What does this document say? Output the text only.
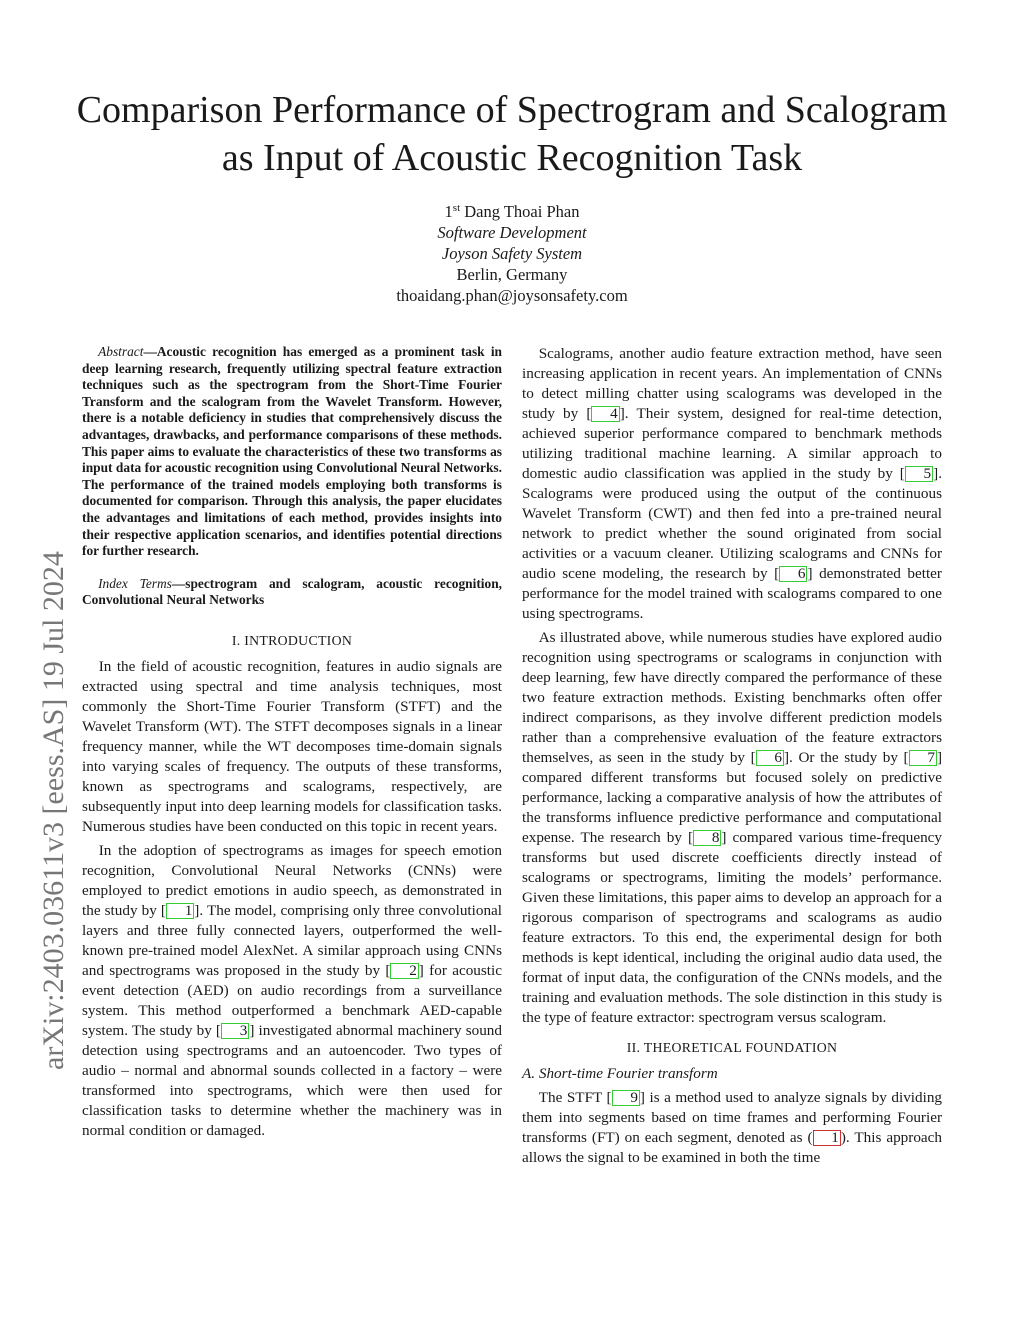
Comparison Performance of Spectrogram and Scalogram as Input of Acoustic Recognition Task
1st Dang Thoai Phan
Software Development
Joyson Safety System
Berlin, Germany
thoaidang.phan@joysonsafety.com
arXiv:2403.03611v3 [eess.AS] 19 Jul 2024

Abstract—Acoustic recognition has emerged as a prominent task in deep learning research, frequently utilizing spectral feature extraction techniques such as the spectrogram from the Short-Time Fourier Transform and the scalogram from the Wavelet Transform. However, there is a notable deficiency in studies that comprehensively discuss the advantages, drawbacks, and performance comparisons of these methods. This paper aims to evaluate the characteristics of these two transforms as input data for acoustic recognition using Convolutional Neural Networks. The performance of the trained models employing both transforms is documented for comparison. Through this analysis, the paper elucidates the advantages and limitations of each method, provides insights into their respective application scenarios, and identifies potential directions for further research.

Index Terms—spectrogram and scalogram, acoustic recognition, Convolutional Neural Networks

I. INTRODUCTION

In the field of acoustic recognition, features in audio signals are extracted using spectral and time analysis techniques, most commonly the Short-Time Fourier Transform (STFT) and the Wavelet Transform (WT). The STFT decomposes signals in a linear frequency manner, while the WT decomposes time-domain signals into varying scales of frequency. The outputs of these transforms, known as spectrograms and scalograms, respectively, are subsequently input into deep learning models for classification tasks. Numerous studies have been conducted on this topic in recent years.

In the adoption of spectrograms as images for speech emotion recognition, Convolutional Neural Networks (CNNs) were employed to predict emotions in audio speech, as demonstrated in the study by [ 1 ]. The model, comprising only three convolutional layers and three fully connected layers, outperformed the well-known pre-trained model AlexNet. A similar approach using CNNs and spectrograms was proposed in the study by [ 2 ] for acoustic event detection (AED) on audio recordings from a surveillance system. This method outperformed a benchmark AED-capable system. The study by [ 3 ] investigated abnormal machinery sound detection using spectrograms and an autoencoder. Two types of audio – normal and abnormal sounds collected in a factory – were transformed into spectrograms, which were then used for classification tasks to determine whether the machinery was in normal condition or damaged.

Scalograms, another audio feature extraction method, have seen increasing application in recent years. An implementation of CNNs to detect milling chatter using scalograms was developed in the study by [ 4 ]. Their system, designed for real-time detection, achieved superior performance compared to benchmark methods utilizing traditional machine learning. A similar approach to domestic audio classification was applied in the study by [ 5 ]. Scalograms were produced using the output of the continuous Wavelet Transform (CWT) and then fed into a pre-trained neural network to predict whether the sound originated from social activities or a vacuum cleaner. Utilizing scalograms and CNNs for audio scene modeling, the research by [ 6 ] demonstrated better performance for the model trained with scalograms compared to one using spectrograms.

As illustrated above, while numerous studies have explored audio recognition using spectrograms or scalograms in conjunction with deep learning, few have directly compared the performance of these two feature extraction methods. Existing benchmarks often offer indirect comparisons, as they involve different prediction models rather than a comprehensive evaluation of the feature extractors themselves, as seen in the study by [ 6 ]. Or the study by [ 7 ] compared different transforms but focused solely on predictive performance, lacking a comparative analysis of how the attributes of the transforms influence predictive performance and computational expense. The research by [ 8 ] compared various time-frequency transforms but used discrete coefficients directly instead of scalograms or spectrograms, limiting the models’ performance. Given these limitations, this paper aims to develop an approach for a rigorous comparison of spectrograms and scalograms as audio feature extractors. To this end, the experimental design for both methods is kept identical, including the original audio data used, the format of input data, the configuration of the CNNs models, and the training and evaluation methods. The sole distinction in this study is the type of feature extractor: spectrogram versus scalogram.

II. THEORETICAL FOUNDATION
A. Short-time Fourier transform

The STFT [ 9 ] is a method used to analyze signals by dividing them into segments based on time frames and performing Fourier transforms (FT) on each segment, denoted as ( 1 ). This approach allows the signal to be examined in both the time
